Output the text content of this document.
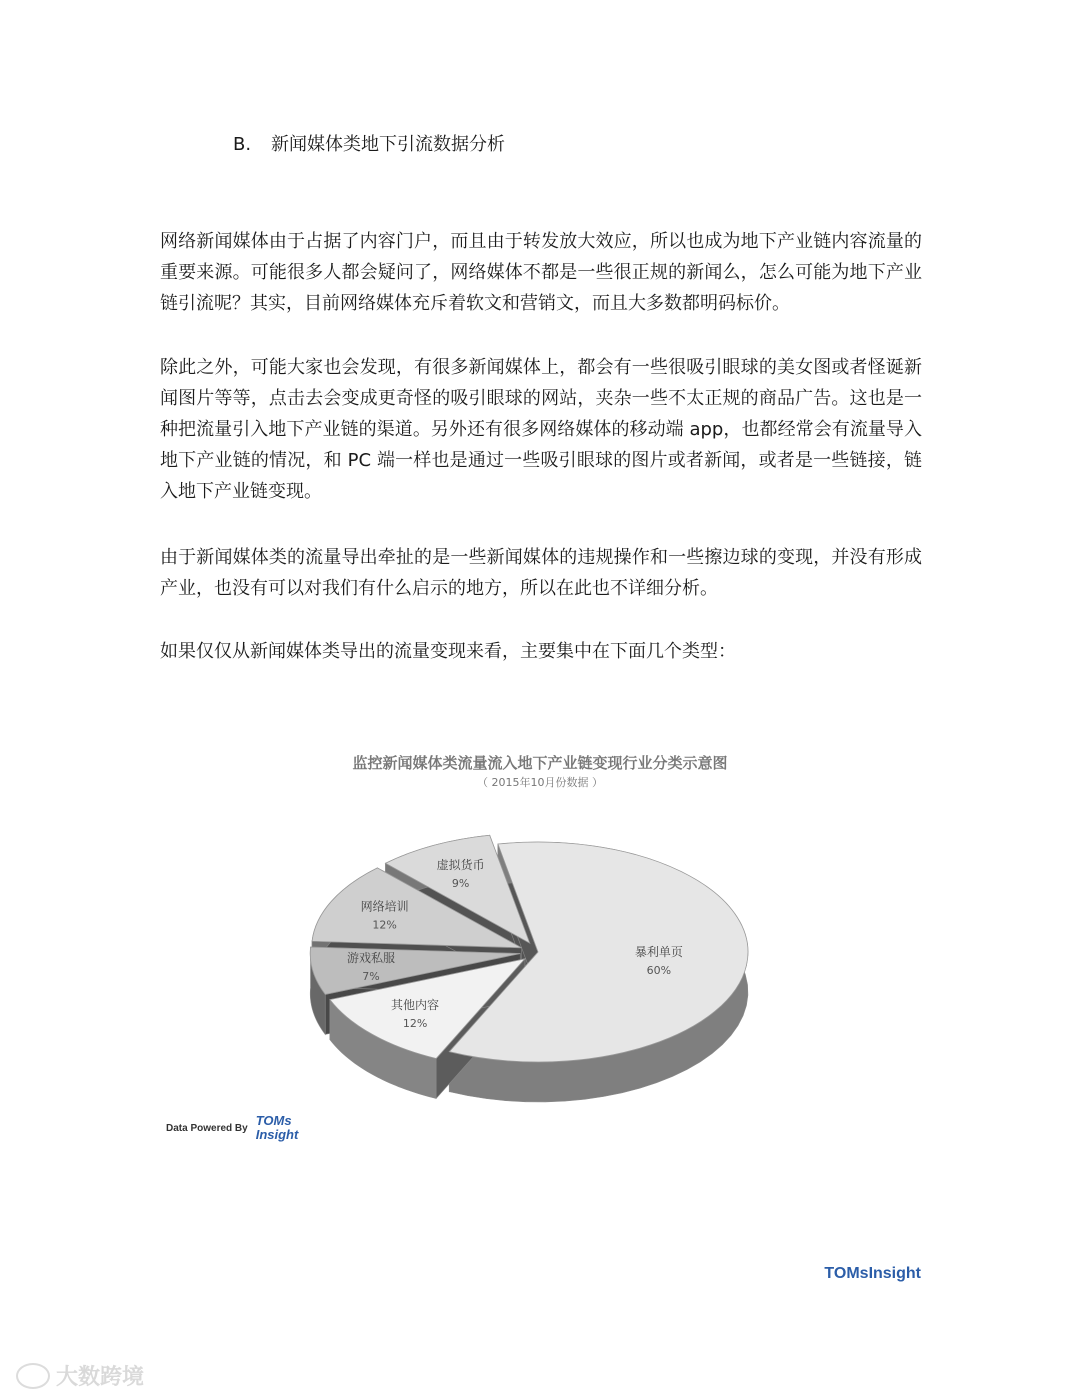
B. 新闻媒体类地下引流数据分析

网络新闻媒体由于占据了内容门户，而且由于转发放大效应，所以也成为地下产业链内容流量的重要来源。可能很多人都会疑问了，网络媒体不都是一些很正规的新闻么，怎么可能为地下产业链引流呢？其实，目前网络媒体充斥着软文和营销文，而且大多数都明码标价。

除此之外，可能大家也会发现，有很多新闻媒体上，都会有一些很吸引眼球的美女图或者怪诞新闻图片等等，点击去会变成更奇怪的吸引眼球的网站，夹杂一些不太正规的商品广告。这也是一种把流量引入地下产业链的渠道。另外还有很多网络媒体的移动端 app，也都经常会有流量导入地下产业链的情况，和 PC 端一样也是通过一些吸引眼球的图片或者新闻，或者是一些链接，链入地下产业链变现。

由于新闻媒体类的流量导出牵扯的是一些新闻媒体的违规操作和一些擦边球的变现，并没有形成产业，也没有可以对我们有什么启示的地方，所以在此也不详细分析。

如果仅仅从新闻媒体类导出的流量变现来看，主要集中在下面几个类型：

监控新闻媒体类流量流入地下产业链变现行业分类示意图
（ 2015年10月份数据 ）
暴利单页
60%
其他内容
12%
游戏私服
7%
网络培训
12%
虚拟货币
9%
Data Powered By TOMs
Insight
TOMsInsight
大数跨境
